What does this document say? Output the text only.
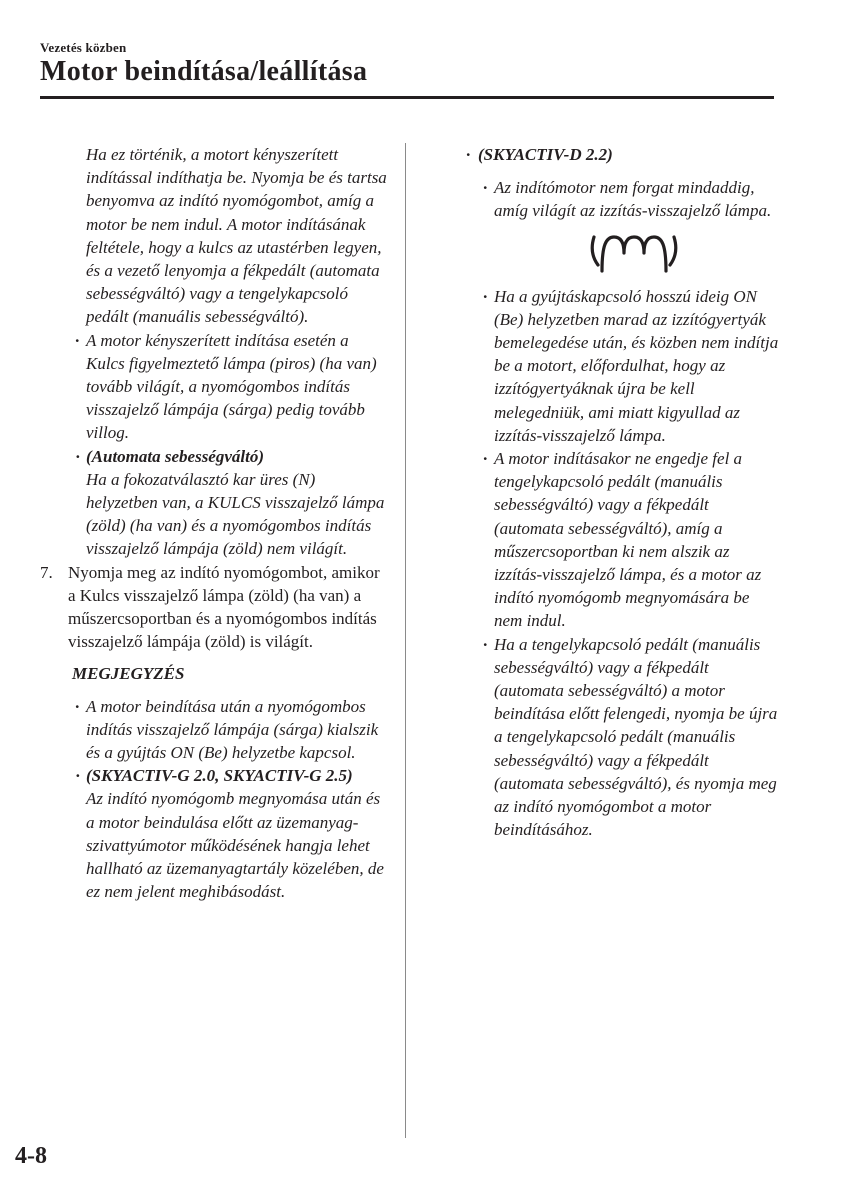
Vezetés közben
Motor beindítása/leállítása

Ha ez történik, a motort kényszerített indítással indíthatja be. Nyomja be és tartsa benyomva az indító nyomógombot, amíg a motor be nem indul. A motor indításának feltétele, hogy a kulcs az utastérben legyen, és a vezető lenyomja a fékpedált (automata sebességváltó) vagy a tengelykapcsoló pedált (manuális sebességváltó).

· A motor kényszerített indítása esetén a Kulcs figyelmeztető lámpa (piros) (ha van) tovább világít, a nyomógombos indítás visszajelző lámpája (sárga) pedig tovább villog.

· (Automata sebességváltó)
Ha a fokozatválasztó kar üres (N) helyzetben van, a KULCS visszajelző lámpa (zöld) (ha van) és a nyomógombos indítás visszajelző lámpája (zöld) nem világít.
7. Nyomja meg az indító nyomógombot, amikor a Kulcs visszajelző lámpa (zöld) (ha van) a műszercsoportban és a nyomógombos indítás visszajelző lámpája (zöld) is világít.
MEGJEGYZÉS

· A motor beindítása után a nyomógombos indítás visszajelző lámpája (sárga) kialszik és a gyújtás ON (Be) helyzetbe kapcsol.

· (SKYACTIV-G 2.0, SKYACTIV-G 2.5)
Az indító nyomógomb megnyomása után és a motor beindulása előtt az üzemanyag-szivattyúmotor működésének hangja lehet hallható az üzemanyagtartály közelében, de ez nem jelent meghibásodást.
· (SKYACTIV-D 2.2)

· Az indítómotor nem forgat mindaddig, amíg világít az izzítás-visszajelző lámpa.

· Ha a gyújtáskapcsoló hosszú ideig ON (Be) helyzetben marad az izzítógyertyák bemelegedése után, és közben nem indítja be a motort, előfordulhat, hogy az izzítógyertyáknak újra be kell melegedniük, ami miatt kigyullad az izzítás-visszajelző lámpa.

· A motor indításakor ne engedje fel a tengelykapcsoló pedált (manuális sebességváltó) vagy a fékpedált (automata sebességváltó), amíg a műszercsoportban ki nem alszik az izzítás-visszajelző lámpa, és a motor az indító nyomógomb megnyomására be nem indul.

· Ha a tengelykapcsoló pedált (manuális sebességváltó) vagy a fékpedált (automata sebességváltó) a motor beindítása előtt felengedi, nyomja be újra a tengelykapcsoló pedált (manuális sebességváltó) vagy a fékpedált (automata sebességváltó), és nyomja meg az indító nyomógombot a motor beindításához.

4-8
